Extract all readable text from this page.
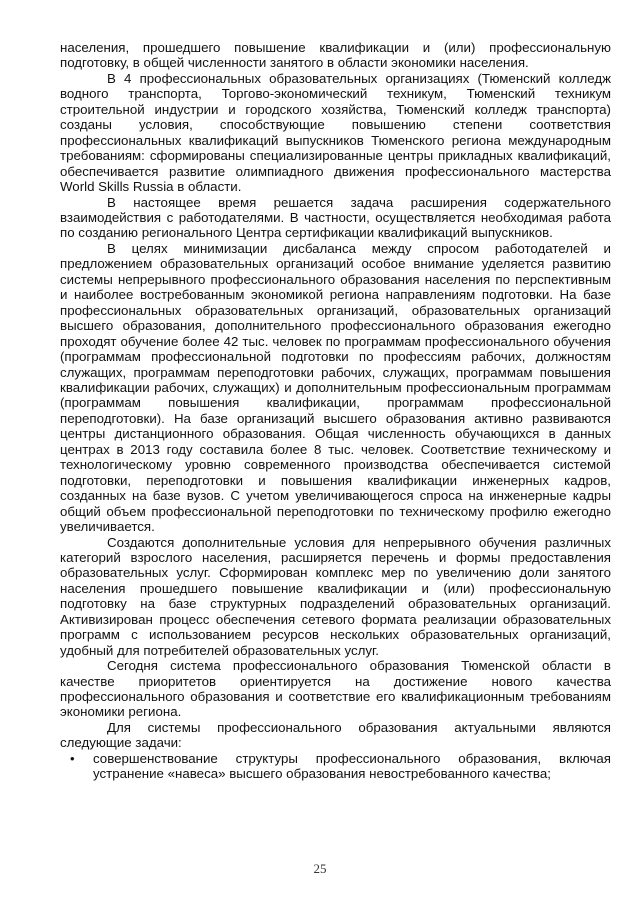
населения, прошедшего повышение квалификации и (или) профессиональную подготовку, в общей численности занятого в области экономики населения.

В 4 профессиональных образовательных организациях (Тюменский колледж водного транспорта, Торгово-экономический техникум, Тюменский техникум строительной индустрии и городского хозяйства, Тюменский колледж транспорта) созданы условия, способствующие повышению степени соответствия профессиональных квалификаций выпускников Тюменского региона международным требованиям: сформированы специализированные центры прикладных квалификаций, обеспечивается развитие олимпиадного движения профессионального мастерства World Skills Russia в области.

В настоящее время решается задача расширения содержательного взаимодействия с работодателями. В частности, осуществляется необходимая работа по созданию регионального Центра сертификации квалификаций выпускников.

В целях минимизации дисбаланса между спросом работодателей и предложением образовательных организаций особое внимание уделяется развитию системы непрерывного профессионального образования населения по перспективным и наиболее востребованным экономикой региона направлениям подготовки. На базе профессиональных образовательных организаций, образовательных организаций высшего образования, дополнительного профессионального образования ежегодно проходят обучение более 42 тыс. человек по программам профессионального обучения (программам профессиональной подготовки по профессиям рабочих, должностям служащих, программам переподготовки рабочих, служащих, программам повышения квалификации рабочих, служащих) и дополнительным профессиональным программам (программам повышения квалификации, программам профессиональной переподготовки). На базе организаций высшего образования активно развиваются центры дистанционного образования. Общая численность обучающихся в данных центрах в 2013 году составила более 8 тыс. человек. Соответствие техническому и технологическому уровню современного производства обеспечивается системой подготовки, переподготовки и повышения квалификации инженерных кадров, созданных на базе вузов. С учетом увеличивающегося спроса на инженерные кадры общий объем профессиональной переподготовки по техническому профилю ежегодно увеличивается.

Создаются дополнительные условия для непрерывного обучения различных категорий взрослого населения, расширяется перечень и формы предоставления образовательных услуг. Сформирован комплекс мер по увеличению доли занятого населения прошедшего повышение квалификации и (или) профессиональную подготовку на базе структурных подразделений образовательных организаций. Активизирован процесс обеспечения сетевого формата реализации образовательных программ с использованием ресурсов нескольких образовательных организаций, удобный для потребителей образовательных услуг.

Сегодня система профессионального образования Тюменской области в качестве приоритетов ориентируется на достижение нового качества профессионального образования и соответствие его квалификационным требованиям экономики региона.

Для системы профессионального образования актуальными являются следующие задачи:

• совершенствование структуры профессионального образования, включая устранение «навеса» высшего образования невостребованного качества;
25
